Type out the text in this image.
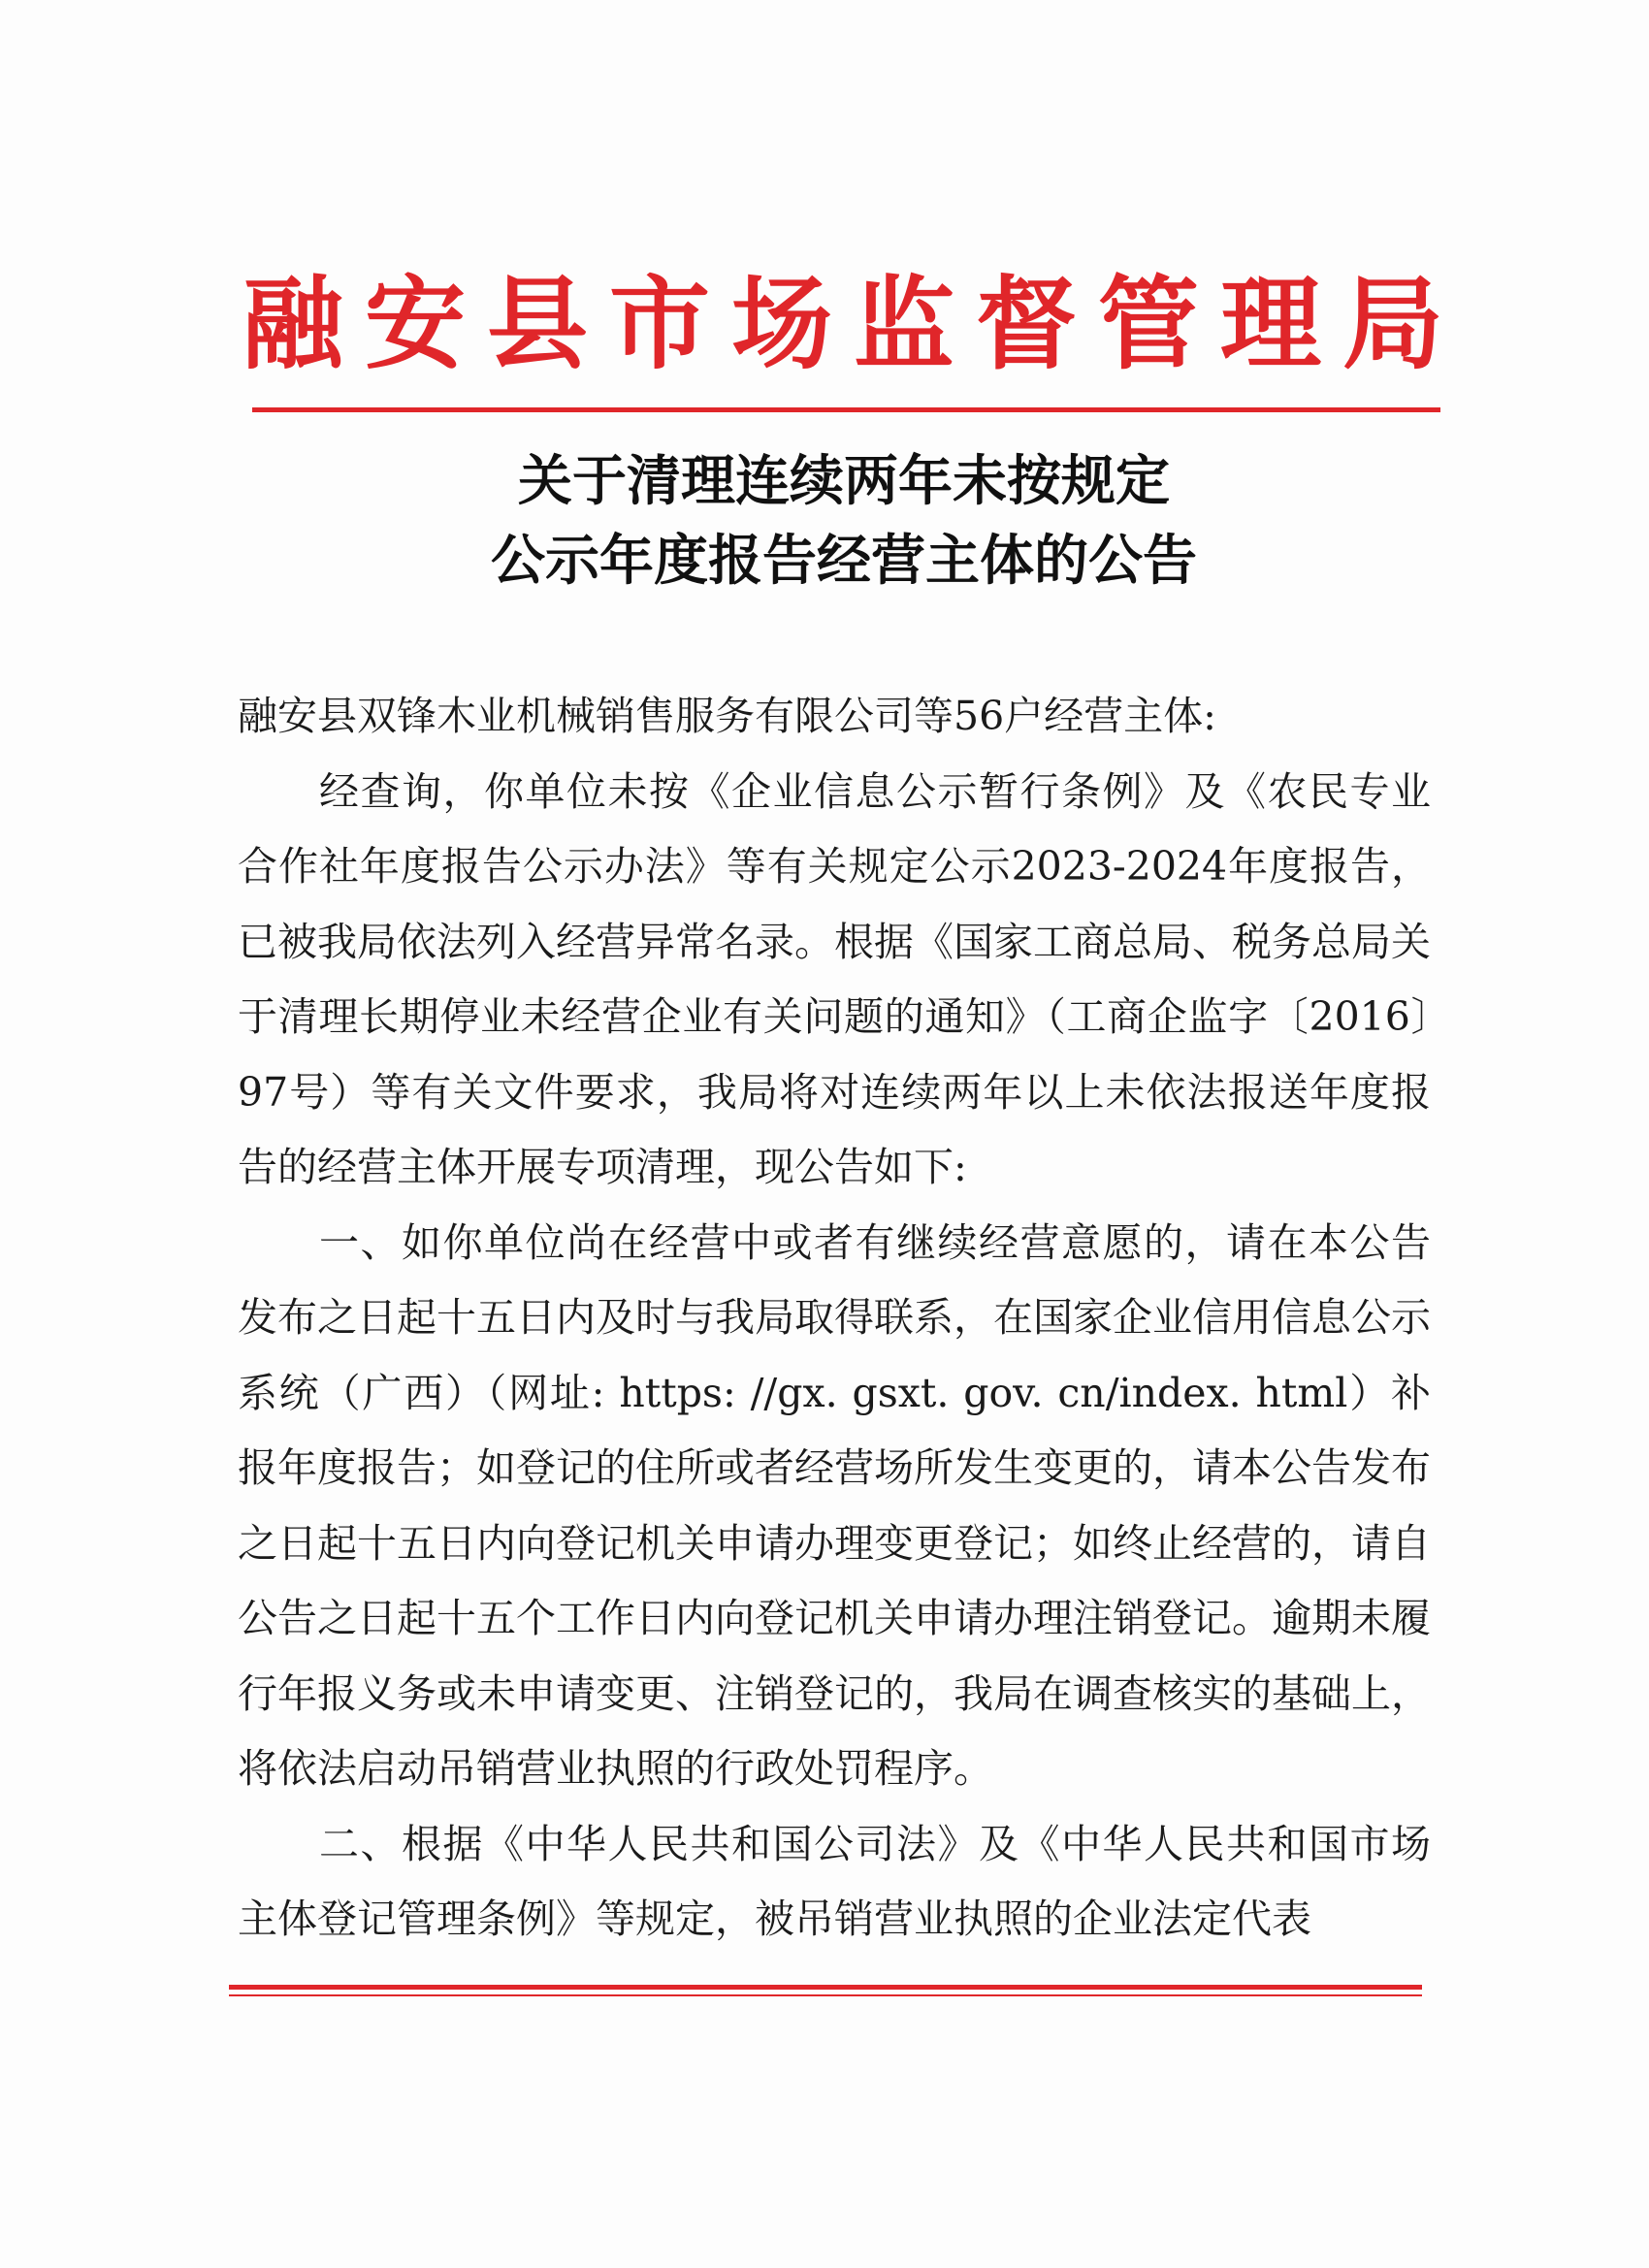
融安县市场监督管理局
关于清理连续两年未按规定
公示年度报告经营主体的公告

融安县双锋木业机械销售服务有限公司等56户经营主体:

经查询，你单位未按《企业信息公示暂行条例》及《农民专业合作社年度报告公示办法》等有关规定公示2023-2024年度报告，已被我局依法列入经营异常名录。根据《国家工商总局、税务总局关于清理长期停业未经营企业有关问题的通知》（工商企监字〔2016〕97号）等有关文件要求，我局将对连续两年以上未依法报送年度报告的经营主体开展专项清理，现公告如下:

一、如你单位尚在经营中或者有继续经营意愿的，请在本公告发布之日起十五日内及时与我局取得联系，在国家企业信用信息公示系统（广西）（网址: https: //gx. gsxt. gov. cn/index. html）补报年度报告；如登记的住所或者经营场所发生变更的，请本公告发布之日起十五日内向登记机关申请办理变更登记；如终止经营的，请自公告之日起十五个工作日内向登记机关申请办理注销登记。逾期未履行年报义务或未申请变更、注销登记的，我局在调查核实的基础上，将依法启动吊销营业执照的行政处罚程序。

二、根据《中华人民共和国公司法》及《中华人民共和国市场主体登记管理条例》等规定，被吊销营业执照的企业法定代表
